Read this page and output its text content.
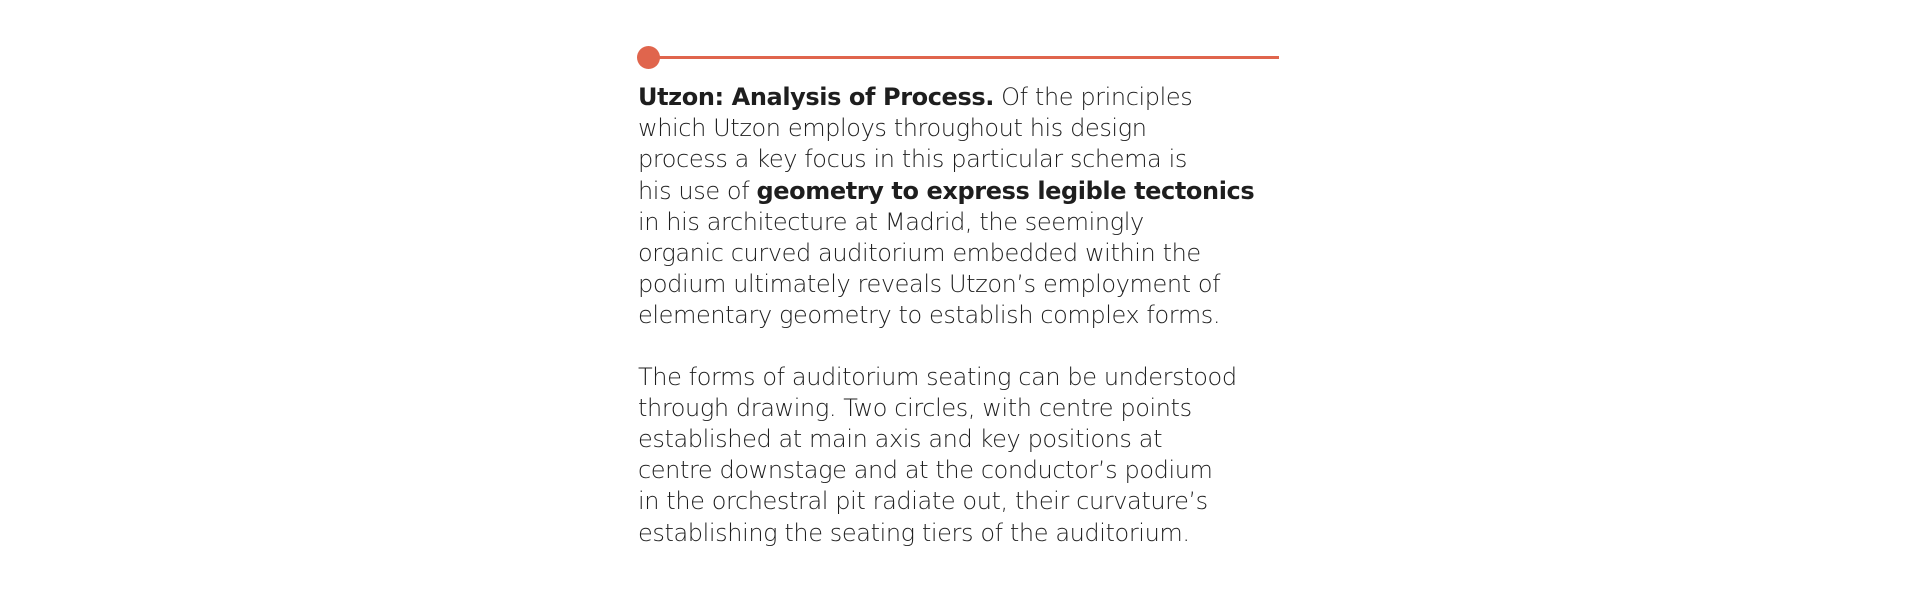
Utzon: Analysis of Process. Of the principles
which Utzon employs throughout his design
process a key focus in this particular schema is
his use of geometry to express legible tectonics
in his architecture at Madrid, the seemingly
organic curved auditorium embedded within the
podium ultimately reveals Utzon’s employment of
elementary geometry to establish complex forms.
The forms of auditorium seating can be understood
through drawing. Two circles, with centre points
established at main axis and key positions at
centre downstage and at the conductor’s podium
in the orchestral pit radiate out, their curvature’s
establishing the seating tiers of the auditorium.
